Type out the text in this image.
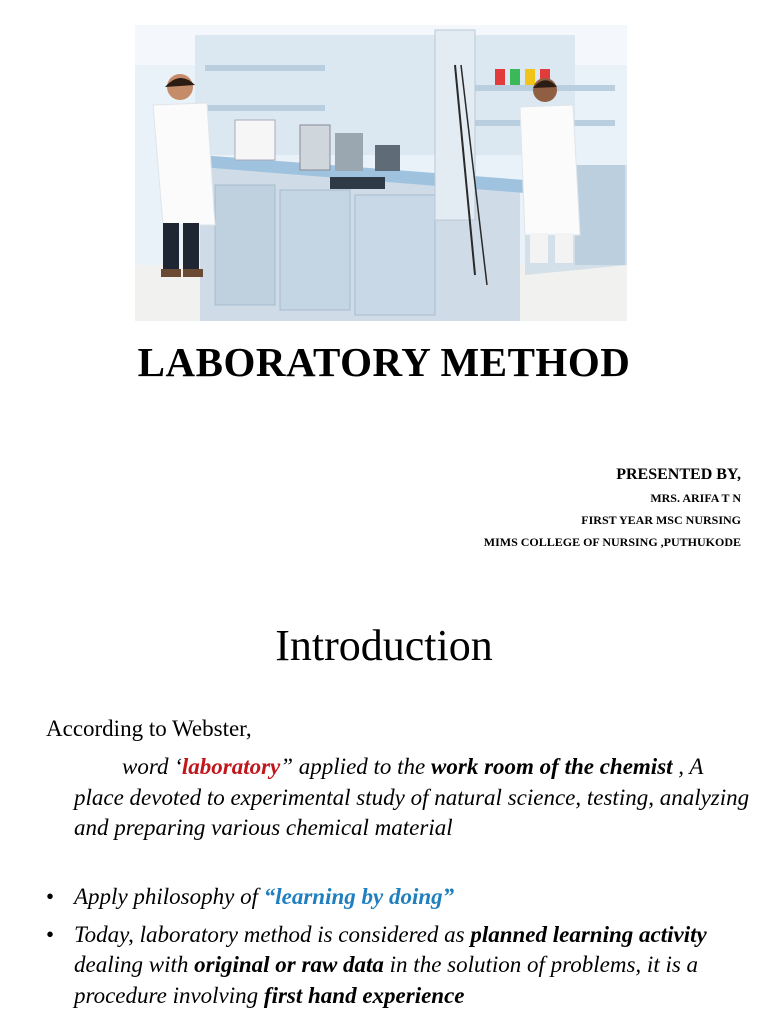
LABORATORY METHOD
PRESENTED BY,
MRS. ARIFA T N
FIRST YEAR MSC NURSING
MIMS COLLEGE OF NURSING ,PUTHUKODE
Introduction
According to Webster,
word ‘laboratory” applied to the work room of the chemist , A place devoted to experimental study of natural science, testing, analyzing and preparing various chemical material
• Apply philosophy of “learning by doing”
• Today, laboratory method is considered as planned learning activity dealing with original or raw data in the solution of problems, it is a procedure involving first hand experience
